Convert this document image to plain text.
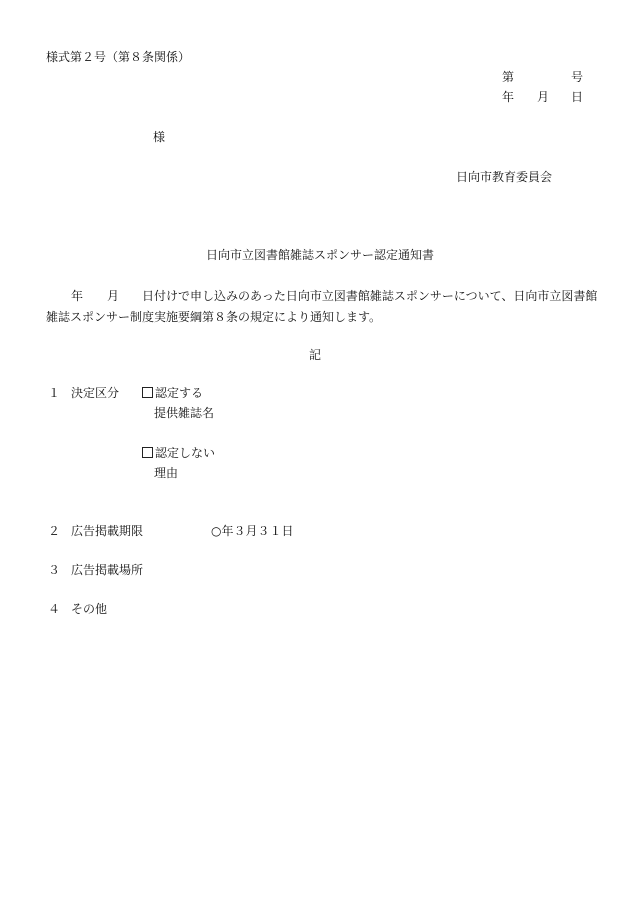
様式第２号（第８条関係）
第	号
年 月 日
様
日向市教育委員会
日向市立図書館雑誌スポンサー認定通知書
年 月 日付けで申し込みのあった日向市立図書館雑誌スポンサーについて、日向市立図書館
雑誌スポンサー制度実施要綱第８条の規定により通知します。
記
１ 決定区分	認定する
提供雑誌名
認定しない
理由
２ 広告掲載期限	○年３月３１日
３ 広告掲載場所
４ その他
